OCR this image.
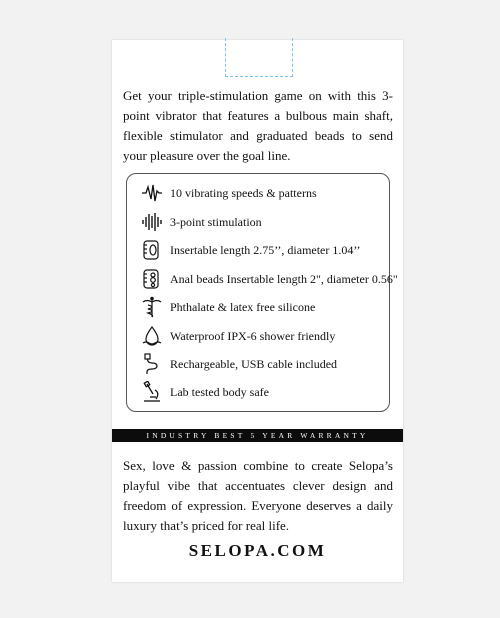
Get your triple-stimulation game on with this 3-point vibrator that features a bulbous main shaft, flexible stimulator and graduated beads to send your pleasure over the goal line.

10 vibrating speeds & patterns
3-point stimulation
Insertable length 2.75’’, diameter 1.04’’
Anal beads Insertable length 2", diameter 0.56"
Phthalate & latex free silicone
Waterproof IPX-6 shower friendly
Rechargeable, USB cable included
Lab tested body safe
INDUSTRY BEST 5 YEAR WARRANTY

Sex, love & passion combine to create Selopa’s playful vibe that accentuates clever design and freedom of expression. Everyone deserves a daily luxury that’s priced for real life.

SELOPA.COM
